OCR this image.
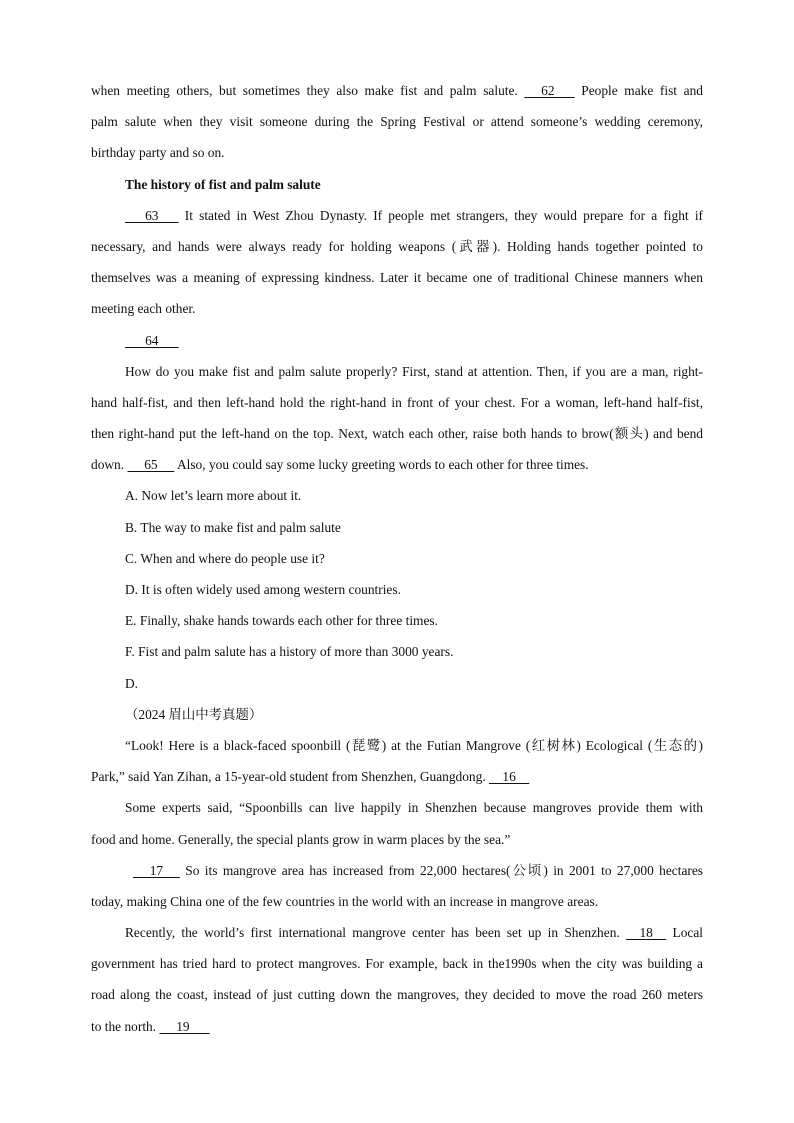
when meeting others, but sometimes they also make fist and palm salute.      62       People make fist and
palm salute when they visit someone during the Spring Festival or attend someone’s wedding ceremony,
birthday party and so on.
The history of fist and palm salute
63       It stated in West Zhou Dynasty. If people met strangers, they would prepare for a fight if
necessary, and hands were always ready for holding weapons (武器). Holding hands together pointed to
themselves was a meaning of expressing kindness. Later it became one of traditional Chinese manners when
meeting each other.
64
How do you make fist and palm salute properly? First, stand at attention. Then, if you are a man, right-
hand half-fist, and then left-hand hold the right-hand in front of your chest. For a woman, left-hand half-fist,
then right-hand put the left-hand on the top. Next, watch each other, raise both hands to brow(额头) and bend
down.      65      Also, you could say some lucky greeting words to each other for three times.
A. Now let’s learn more about it.
B. The way to make fist and palm salute
C. When and where do people use it?
D. It is often widely used among western countries.
E. Finally, shake hands towards each other for three times.
F. Fist and palm salute has a history of more than 3000 years.
D.
（2024 眉山中考真题）
“Look! Here is a black-faced spoonbill (琵鹭) at the Futian Mangrove (红树林) Ecological (生态的)
Park,” said Yan Zihan, a 15-year-old student from Shenzhen, Guangdong.     16
Some experts said, “Spoonbills can live happily in Shenzhen because mangroves provide them with
food and home. Generally, the special plants grow in warm places by the sea.”
17      So its mangrove area has increased from 22,000 hectares(公顷) in 2001 to 27,000 hectares
today, making China one of the few countries in the world with an increase in mangrove areas.
Recently, the world’s first international mangrove center has been set up in Shenzhen.     18     Local
government has tried hard to protect mangroves. For example, back in the1990s when the city was building a
road along the coast, instead of just cutting down the mangroves, they decided to move the road 260 meters
to the north.      19
